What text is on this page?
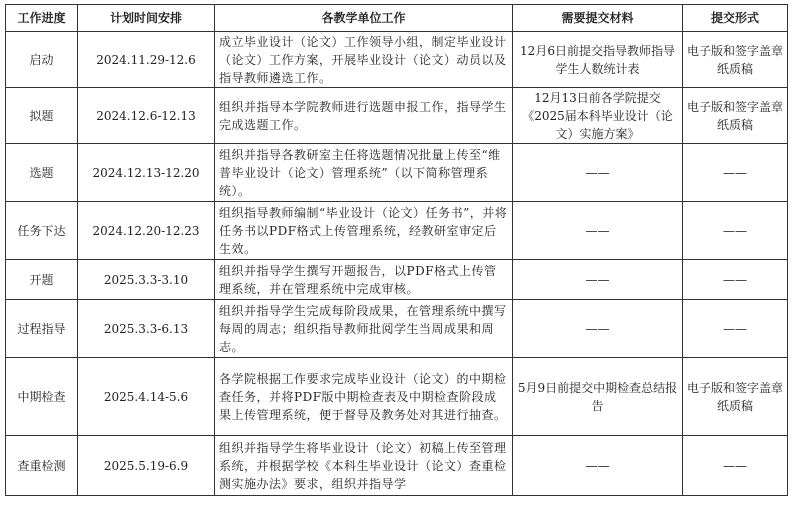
工作进度	计划时间安排	各教学单位工作	需要提交材料	提交形式
启动	2024.11.29-12.6	成立毕业设计（论文）工作领导小组，制定毕业设计（论文）工作方案，开展毕业设计（论文）动员以及指导教师遴选工作。	12月6日前提交指导教师指导学生人数统计表	电子版和签字盖章纸质稿
拟题	2024.12.6-12.13	组织并指导本学院教师进行选题申报工作，指导学生完成选题工作。	12月13日前各学院提交《2025届本科毕业设计（论文）实施方案》	电子版和签字盖章纸质稿
选题	2024.12.13-12.20	组织并指导各教研室主任将选题情况批量上传至“维普毕业设计（论文）管理系统”（以下简称管理系统）。	——	——
任务下达	2024.12.20-12.23	组织指导教师编制“毕业设计（论文）任务书”，并将任务书以PDF格式上传管理系统，经教研室审定后生效。	——	——
开题	2025.3.3-3.10	组织并指导学生撰写开题报告，以PDF格式上传管理系统，并在管理系统中完成审核。	——	——
过程指导	2025.3.3-6.13	组织并指导学生完成每阶段成果，在管理系统中撰写每周的周志；组织指导教师批阅学生当周成果和周志。	——	——
中期检查	2025.4.14-5.6	各学院根据工作要求完成毕业设计（论文）的中期检查任务，并将PDF版中期检查表及中期检查阶段成果上传管理系统，便于督导及教务处对其进行抽查。	5月9日前提交中期检查总结报告	电子版和签字盖章纸质稿
查重检测	2025.5.19-6.9	组织并指导学生将毕业设计（论文）初稿上传至管理系统，并根据学校《本科生毕业设计（论文）查重检测实施办法》要求，组织并指导学	——	——
